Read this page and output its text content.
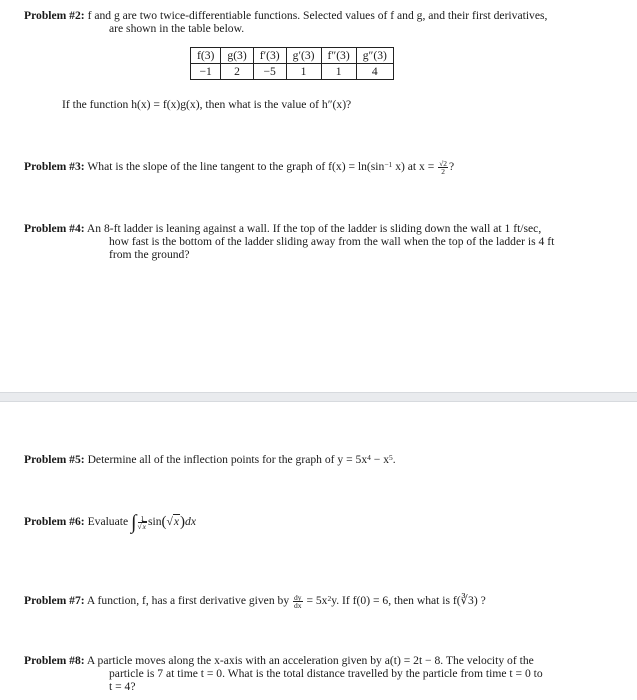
Problem #2: f and g are two twice-differentiable functions. Selected values of f and g, and their first derivatives,
are shown in the table below.
f(3)	g(3)	f′(3)	g′(3)	f″(3)	g″(3)
−1	2	−5	1	1	4
If the function h(x) = f(x)g(x), then what is the value of h″(x)?
Problem #3: What is the slope of the line tangent to the graph of $f(x) = \ln(\sin^{-1}$ x) at $x = \frac{√2}{2}$ ?
Problem #4: An 8-ft ladder is leaning against a wall. If the top of the ladder is sliding down the wall at 1 ft/sec,
how fast is the bottom of the ladder sliding away from the wall when the top of the ladder is 4 ft
from the ground?
Problem #5: Determine all of the inflection points for the graph of $y = 5x^4 - x^5$.
Problem #6: Evaluate ∫ $\frac{1}{√x} \sin(√x)dx$
Problem #7: A function, f, has a first derivative given by $\frac{dy}{dx} = 5x^2y$. If f(0) = 6, then what is f(∛3) ?
Problem #8: A particle moves along the x-axis with an acceleration given by a(t) = 2t − 8. The velocity of the
particle is 7 at time t = 0. What is the total distance travelled by the particle from time t = 0 to
t = 4?
